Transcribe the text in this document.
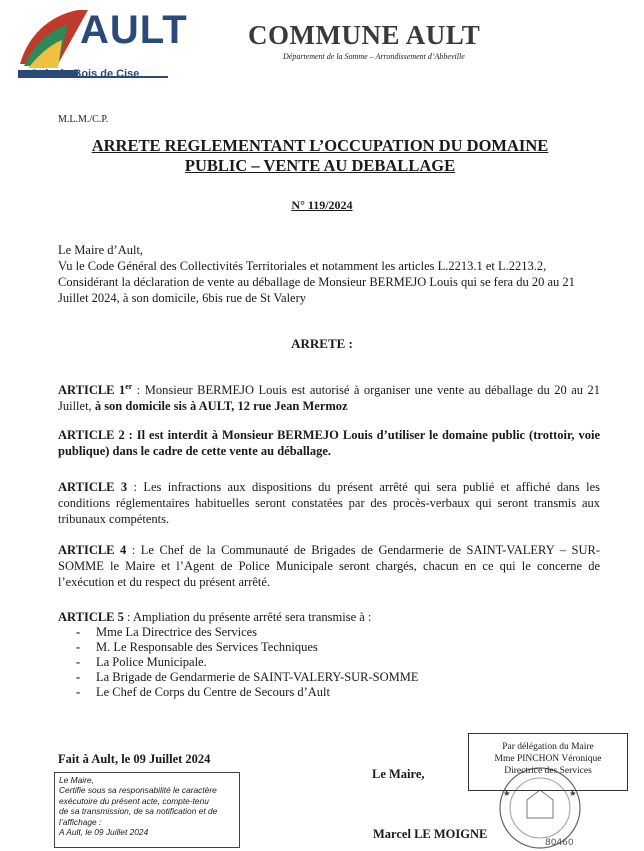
AULT
Onival - Bois de Cise
COMMUNE AULT
Département de la Somme – Arrondissement d’Abbeville
M.L.M./C.P.
ARRETE REGLEMENTANT L’OCCUPATION DU DOMAINE
PUBLIC – VENTE AU DEBALLAGE
N° 119/2024
Le Maire d’Ault,
Vu le Code Général des Collectivités Territoriales et notamment les articles L.2213.1 et L.2213.2,
Considérant la déclaration de vente au déballage de Monsieur BERMEJO Louis qui se fera du 20 au 21 Juillet 2024, à son domicile, 6bis rue de St Valery
ARRETE :
ARTICLE 1er : Monsieur BERMEJO Louis est autorisé à organiser une vente au déballage du 20 au 21 Juillet, à son domicile sis à AULT, 12 rue Jean Mermoz
ARTICLE 2 : Il est interdit à Monsieur BERMEJO Louis d’utiliser le domaine public (trottoir, voie publique) dans le cadre de cette vente au déballage.
ARTICLE 3 : Les infractions aux dispositions du présent arrêté qui sera publié et affiché dans les conditions réglementaires habituelles seront constatées par des procès-verbaux qui seront transmis aux tribunaux compétents.
ARTICLE 4 : Le Chef de la Communauté de Brigades de Gendarmerie de SAINT-VALERY – SUR-SOMME le Maire et l’Agent de Police Municipale seront chargés, chacun en ce qui le concerne de l’exécution et du respect du présent arrêté.
ARTICLE 5 : Ampliation du présente arrêté sera transmise à :
- Mme La Directrice des Services
- M. Le Responsable des Services Techniques
- La Police Municipale.
- La Brigade de Gendarmerie de SAINT-VALERY-SUR-SOMME
- Le Chef de Corps du Centre de Secours d’Ault
Fait à Ault, le 09 Juillet 2024
Le Maire,
Certifie sous sa responsabilité le caractère
exécutoire du présent acte, compte-tenu
de sa transmission, de sa notification et de
l’affichage :
A Ault, le 09 Juillet 2024
Le Maire,
★	★
80460
Par délégation du Maire
Mme PINCHON Véronique
Directrice des Services
Marcel LE MOIGNE
